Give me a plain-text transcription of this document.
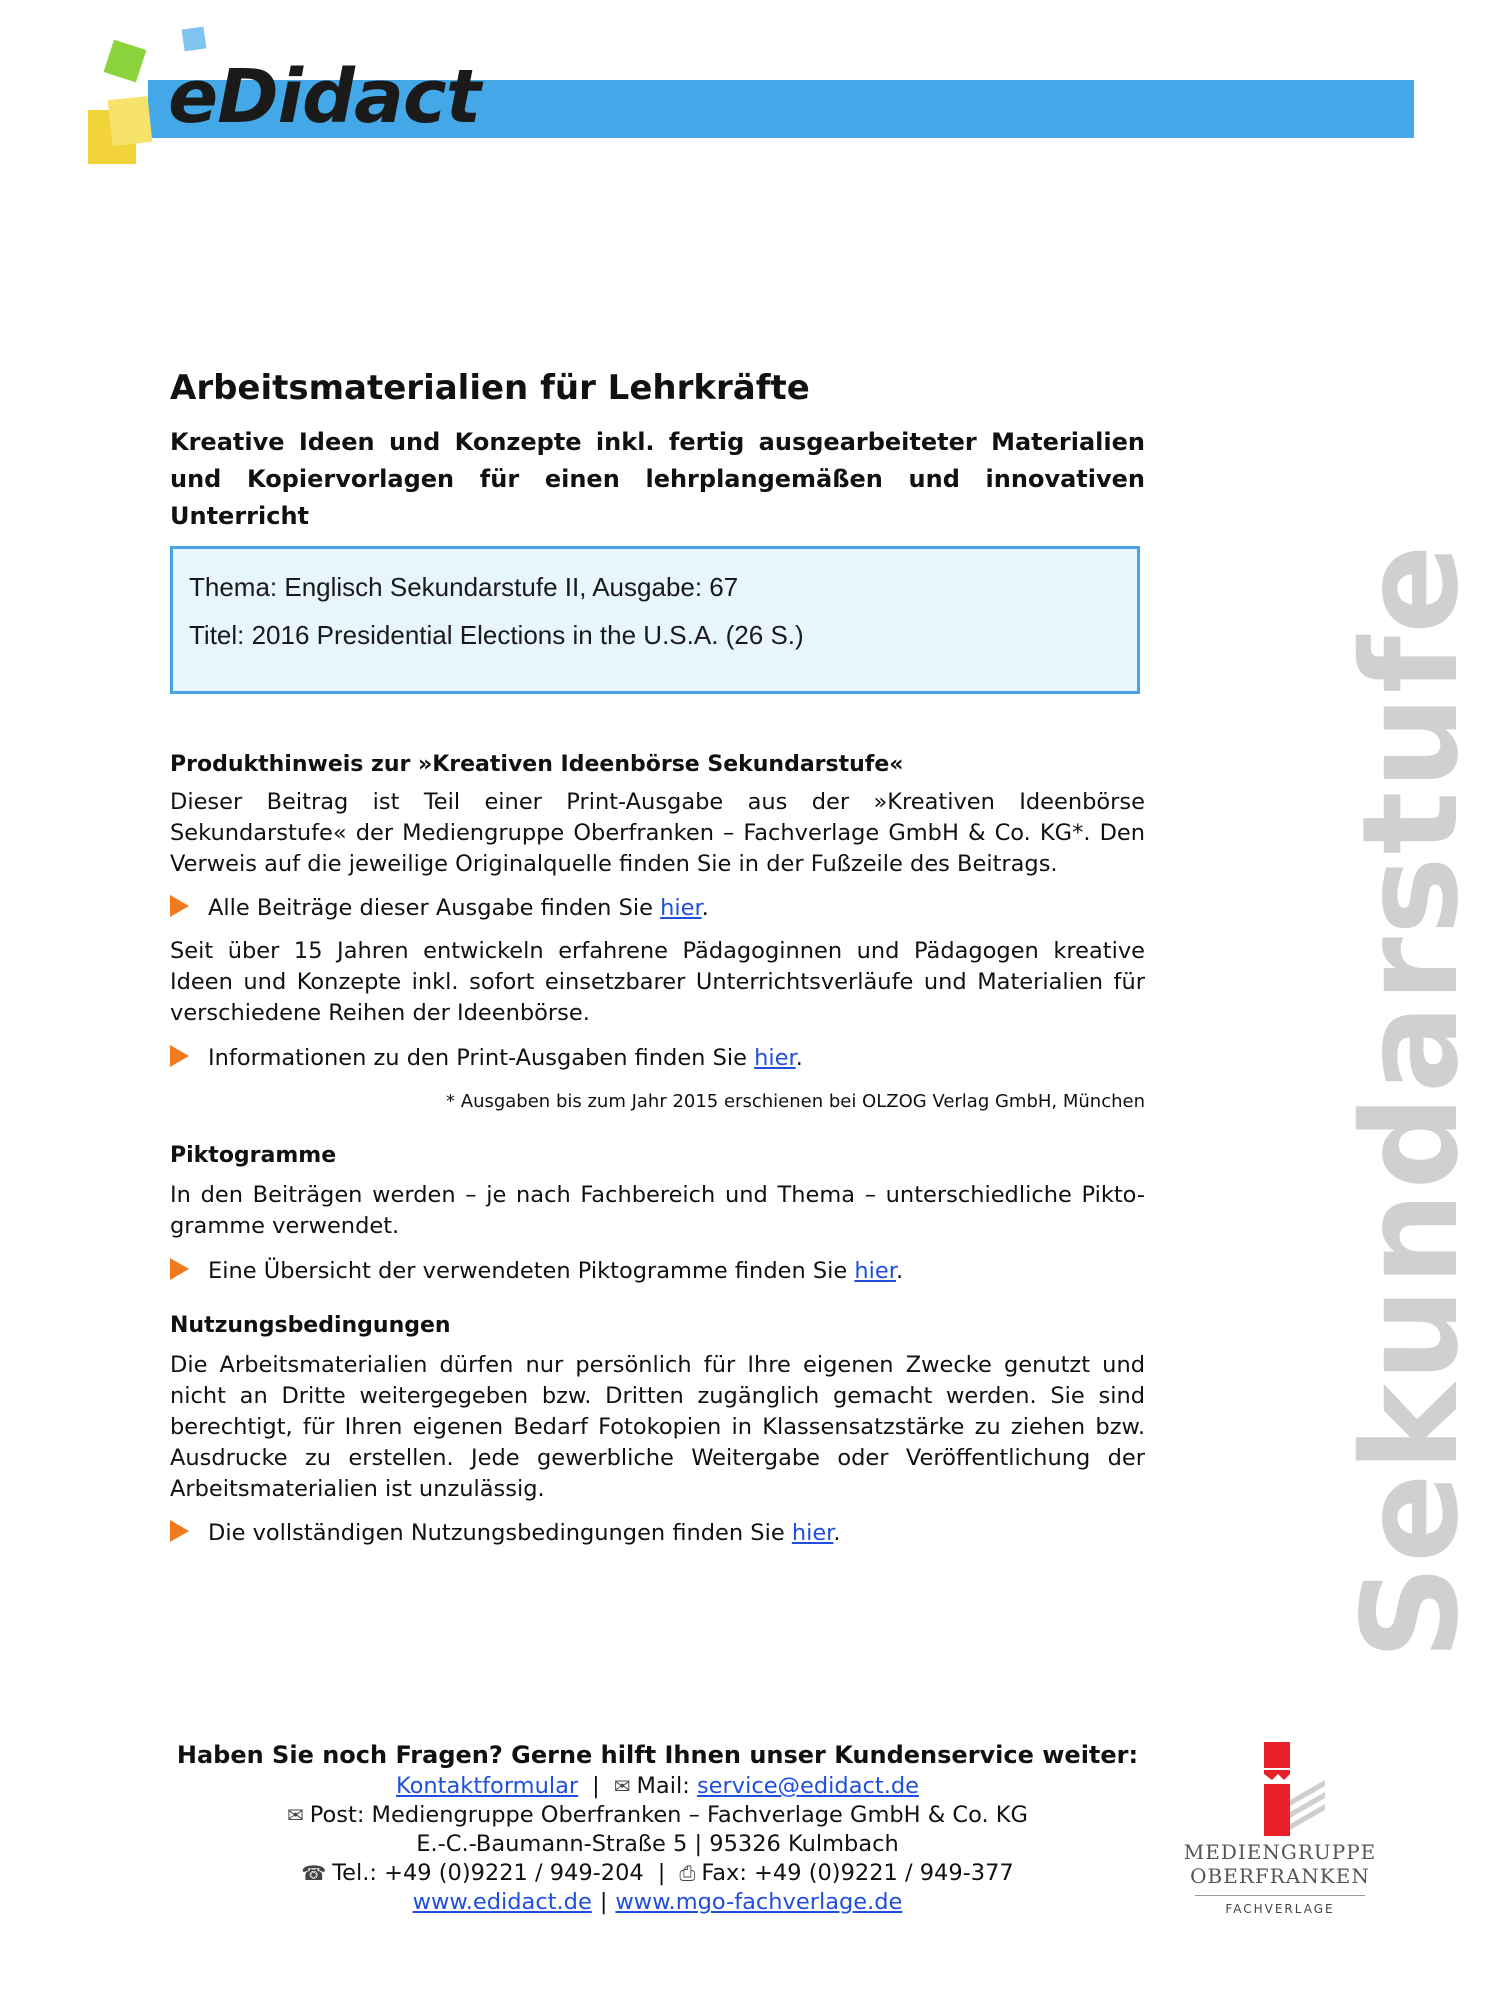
eDidact
Arbeitsmaterialien für Lehrkräfte
Kreative Ideen und Konzepte inkl. fertig ausgearbeiteter Materialien und Kopiervorlagen für einen lehrplangemäßen und innovativen Unterricht
Thema: Englisch Sekundarstufe II, Ausgabe: 67
Titel: 2016 Presidential Elections in the U.S.A. (26 S.)
Produkthinweis zur »Kreativen Ideenbörse Sekundarstufe«
Dieser Beitrag ist Teil einer Print-Ausgabe aus der »Kreativen Ideenbörse Sekundarstufe« der Mediengruppe Oberfranken – Fachverlage GmbH & Co. KG*. Den Verweis auf die jeweilige Originalquelle finden Sie in der Fußzeile des Beitrags.
Alle Beiträge dieser Ausgabe finden Sie hier.
Seit über 15 Jahren entwickeln erfahrene Pädagoginnen und Pädagogen kreative Ideen und Konzepte inkl. sofort einsetzbarer Unterrichtsverläufe und Materialien für verschiedene Reihen der Ideenbörse.
Informationen zu den Print-Ausgaben finden Sie hier.
* Ausgaben bis zum Jahr 2015 erschienen bei OLZOG Verlag GmbH, München
Piktogramme
In den Beiträgen werden – je nach Fachbereich und Thema – unterschiedliche Pikto-gramme verwendet.
Eine Übersicht der verwendeten Piktogramme finden Sie hier.
Nutzungsbedingungen
Die Arbeitsmaterialien dürfen nur persönlich für Ihre eigenen Zwecke genutzt und nicht an Dritte weitergegeben bzw. Dritten zugänglich gemacht werden. Sie sind berechtigt, für Ihren eigenen Bedarf Fotokopien in Klassensatzstärke zu ziehen bzw. Ausdrucke zu erstellen. Jede gewerbliche Weitergabe oder Veröffentlichung der Arbeitsmaterialien ist unzulässig.
Die vollständigen Nutzungsbedingungen finden Sie hier.	Sekundarstufe
Haben Sie noch Fragen? Gerne hilft Ihnen unser Kundenservice weiter:
Kontaktformular | ✉ Mail: service@edidact.de
✉ Post: Mediengruppe Oberfranken – Fachverlage GmbH & Co. KG
E.-C.-Baumann-Straße 5 | 95326 Kulmbach
☎ Tel.: +49 (0)9221 / 949-204 | ⎙ Fax: +49 (0)9221 / 949-377
www.edidact.de | www.mgo-fachverlage.de
MEDIENGRUPPE
OBERFRANKEN
FACHVERLAGE
